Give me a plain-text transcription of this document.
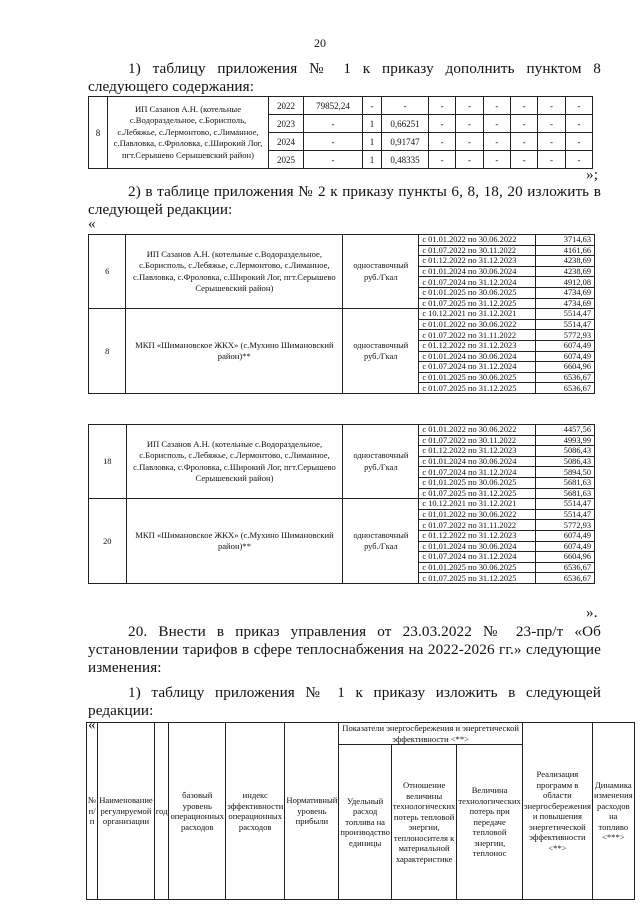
20
1) таблицу приложения № 1 к приказу дополнить пунктом 8
следующего содержания:
8	ИП Сазанов А.Н. (котельные с.Водораздельное, с.Борисполь, с.Лебяжье, с.Лермонтово, с.Лиманное, с.Павловка, с.Фроловка, с.Широкий Лог, пгт.Серышево Серышевский район)	2022	79852,24	-	-	-	-	-	-	-	-
		2023	-	1	0,66251	-	-	-	-	-	-
		2024	-	1	0,91747	-	-	-	-	-	-
		2025	-	1	0,48335	-	-	-	-	-	-
»;
2) в таблице приложения № 2 к приказу пункты 6, 8, 18, 20 изложить в
следующей редакции:
«
6	ИП Сазанов А.Н. (котельные с.Водораздельное, с.Борисполь, с.Лебяжье, с.Лермонтово, с.Лиманное, с.Павловка, с.Фроловка, с.Широкий Лог, пгт.Серышево Серышевский район)	одноставочный руб./Гкал	с 01.01.2022 по 30.06.2022	3714,63
			с 01.07.2022 по 30.11.2022	4161,66
			с 01.12.2022 по 31.12.2023	4238,69
			с 01.01.2024 по 30.06.2024	4238,69
			с 01.07.2024 по 31.12.2024	4912,08
			с 01.01.2025 по 30.06.2025	4734,69
			с 01.07.2025 по 31.12.2025	4734,69
8	МКП «Шимановское ЖКХ» (с.Мухино Шимановский район)**	одноставочный руб./Гкал	с 10.12.2021 по 31.12.2021	5514,47
			с 01.01.2022 по 30.06.2022	5514,47
			с 01.07.2022 по 31.11.2022	5772,93
			с 01.12.2022 по 31.12.2023	6074,49
			с 01.01.2024 по 30.06.2024	6074,49
			с 01.07.2024 по 31.12.2024	6604,96
			с 01.01.2025 по 30.06.2025	6536,67
			с 01.07.2025 по 31.12.2025	6536,67
18	ИП Сазанов А.Н. (котельные с.Водораздельное, с.Борисполь, с.Лебяжье, с.Лермонтово, с.Лиманное, с.Павловка, с.Фроловка, с.Широкий Лог, пгт.Серышево Серышевский район)	одноставочный руб./Гкал	с 01.01.2022 по 30.06.2022	4457,56
			с 01.07.2022 по 30.11.2022	4993,99
			с 01.12.2022 по 31.12.2023	5086,43
			с 01.01.2024 по 30.06.2024	5086,43
			с 01.07.2024 по 31.12.2024	5894,50
			с 01.01.2025 по 30.06.2025	5681,63
			с 01.07.2025 по 31.12.2025	5681,63
20	МКП «Шимановское ЖКХ» (с.Мухино Шимановский район)**	одноставочный руб./Гкал	с 10.12.2021 по 31.12.2021	5514,47
			с 01.01.2022 по 30.06.2022	5514,47
			с 01.07.2022 по 31.11.2022	5772,93
			с 01.12.2022 по 31.12.2023	6074,49
			с 01.01.2024 по 30.06.2024	6074,49
			с 01.07.2024 по 31.12.2024	6604,96
			с 01.01.2025 по 30.06.2025	6536,67
			с 01.07.2025 по 31.12.2025	6536,67
».
20. Внести в приказ управления от 23.03.2022 № 23-пр/т «Об
установлении тарифов в сфере теплоснабжения на 2022-2026 гг.» следующие
изменения:
1) таблицу приложения № 1 к приказу изложить в следующей
редакции:
«
№ п/п	Наименование регулируемой организации	год	базовый уровень операционных расходов	индекс эффективности операционных расходов	Нормативный уровень прибыли	Показатели энергосбережения и энергетической эффективности <**>			Реализация программ в области энергосбережения и повышения энергетической эффективности <**>	Динамика изменения расходов на топливо <***>
						Удельный расход топлива на производство единицы	Отношение величины технологических потерь тепловой энергии, теплоносителя к материальной характеристике	Величина технологических потерь при передаче тепловой энергии, теплонос		
